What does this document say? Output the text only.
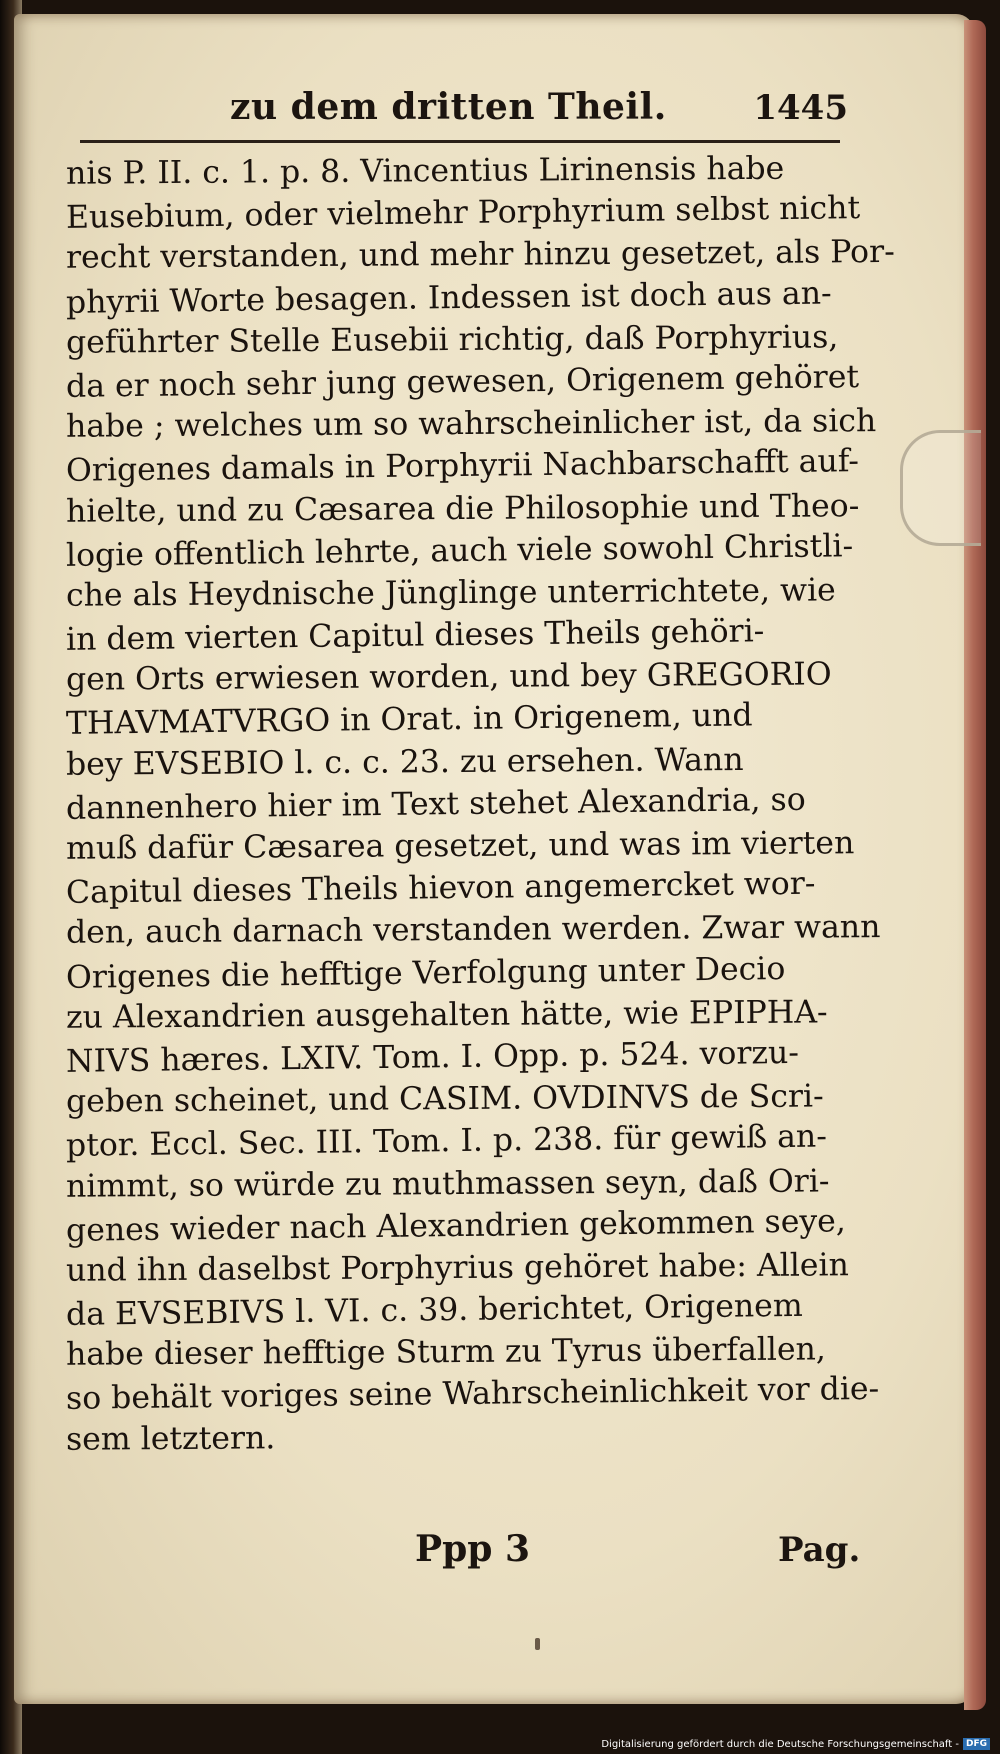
zu dem dritten Theil.	1445
nis P. II. c. 1. p. 8. Vincentius Lirinensis habe
Eusebium, oder vielmehr Porphyrium selbst nicht
recht verstanden, und mehr hinzu gesetzet, als Por-
phyrii Worte besagen. Indessen ist doch aus an-
geführter Stelle Eusebii richtig, daß Porphyrius,
da er noch sehr jung gewesen, Origenem gehöret
habe ; welches um so wahrscheinlicher ist, da sich
Origenes damals in Porphyrii Nachbarschafft auf-
hielte, und zu Cæsarea die Philosophie und Theo-
logie offentlich lehrte, auch viele sowohl Christli-
che als Heydnische Jünglinge unterrichtete, wie
in dem vierten Capitul dieses Theils gehöri-
gen Orts erwiesen worden, und bey GREGORIO
THAVMATVRGO in Orat. in Origenem, und
bey EVSEBIO l. c. c. 23. zu ersehen. Wann
dannenhero hier im Text stehet Alexandria, so
muß dafür Cæsarea gesetzet, und was im vierten
Capitul dieses Theils hievon angemercket wor-
den, auch darnach verstanden werden. Zwar wann
Origenes die hefftige Verfolgung unter Decio
zu Alexandrien ausgehalten hätte, wie EPIPHA-
NIVS hæres. LXIV. Tom. I. Opp. p. 524. vorzu-
geben scheinet, und CASIM. OVDINVS de Scri-
ptor. Eccl. Sec. III. Tom. I. p. 238. für gewiß an-
nimmt, so würde zu muthmassen seyn, daß Ori-
genes wieder nach Alexandrien gekommen seye,
und ihn daselbst Porphyrius gehöret habe: Allein
da EVSEBIVS l. VI. c. 39. berichtet, Origenem
habe dieser hefftige Sturm zu Tyrus überfallen,
so behält voriges seine Wahrscheinlichkeit vor die-
sem letztern.
Ppp 3	Pag.
Digitalisierung gefördert durch die Deutsche Forschungsgemeinschaft - DFG
